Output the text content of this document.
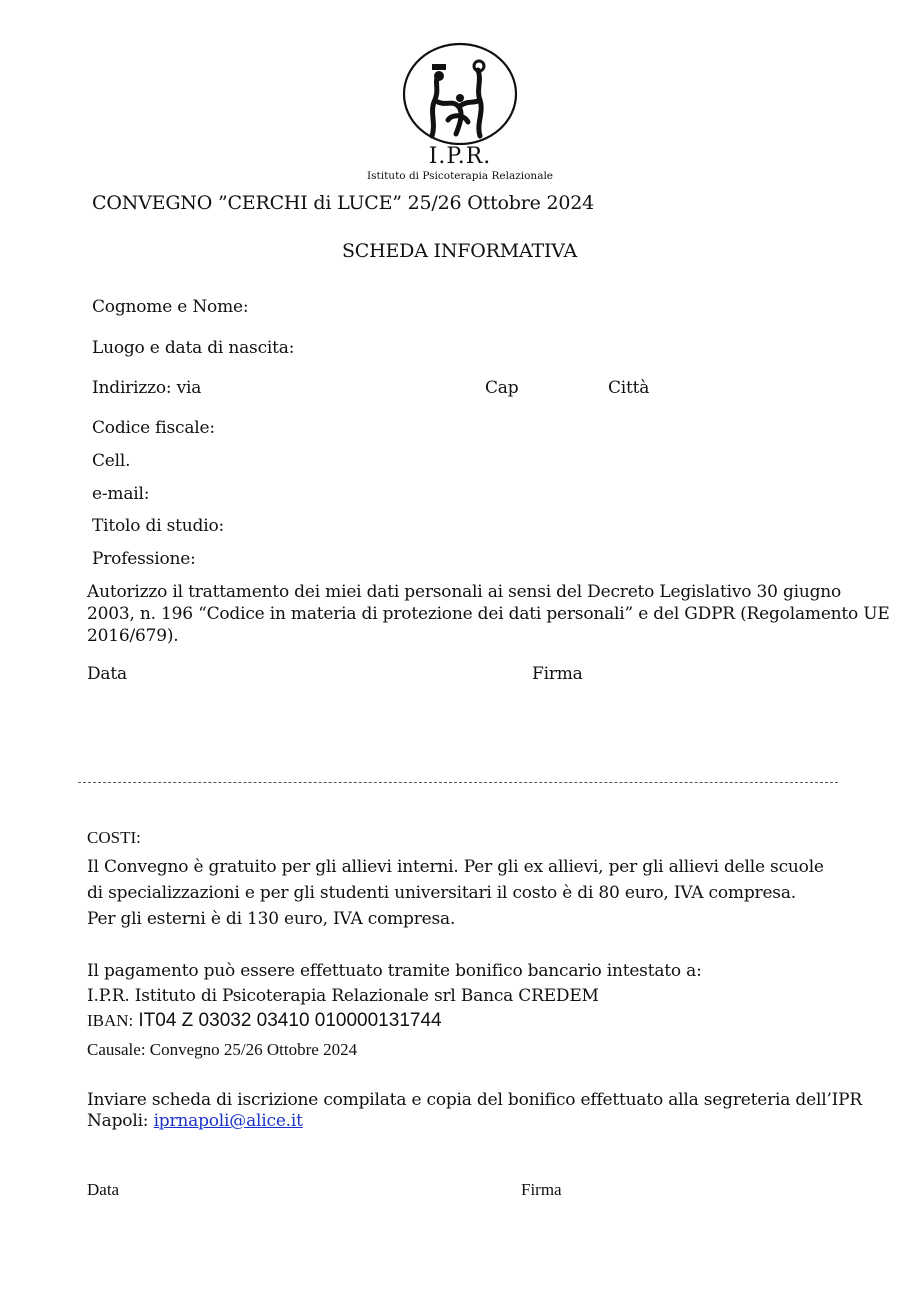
I.P.R.
Istituto di Psicoterapia Relazionale
CONVEGNO ”CERCHI di LUCE” 25/26 Ottobre 2024
SCHEDA INFORMATIVA
Cognome e Nome:
Luogo e data di nascita:
Indirizzo: via	Cap	Città
Codice fiscale:
Cell.
e-mail:
Titolo di studio:
Professione:
Autorizzo il trattamento dei miei dati personali ai sensi del Decreto Legislativo 30 giugno
2003, n. 196 “Codice in materia di protezione dei dati personali” e del GDPR (Regolamento UE
2016/679).
Data	Firma
COSTI:
Il Convegno è gratuito per gli allievi interni. Per gli ex allievi, per gli allievi delle scuole
di specializzazioni e per gli studenti universitari il costo è di 80 euro, IVA compresa.
Per gli esterni è di 130 euro, IVA compresa.
Il pagamento può essere effettuato tramite bonifico bancario intestato a:
I.P.R. Istituto di Psicoterapia Relazionale srl Banca CREDEM
IBAN: IT04 Z 03032 03410 010000131744
Causale: Convegno 25/26 Ottobre 2024
Inviare scheda di iscrizione compilata e copia del bonifico effettuato alla segreteria dell’IPR
Napoli: iprnapoli@alice.it
Data	Firma
